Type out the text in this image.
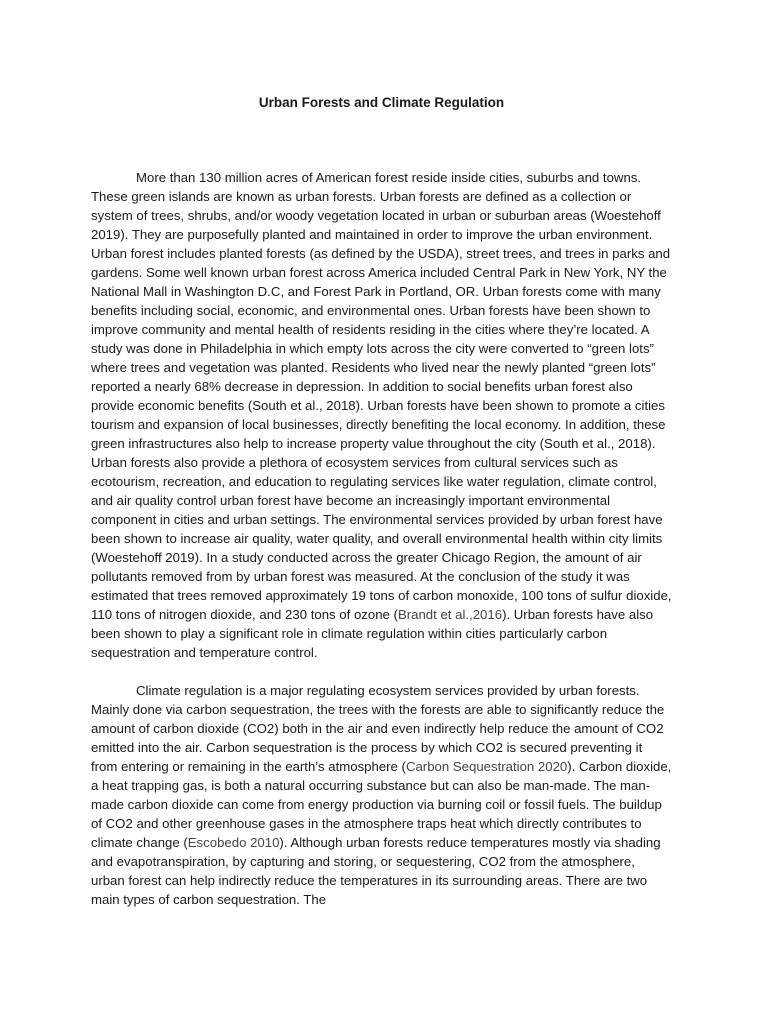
Urban Forests and Climate Regulation

More than 130 million acres of American forest reside inside cities, suburbs and towns. These green islands are known as urban forests. Urban forests are defined as a collection or system of trees, shrubs, and/or woody vegetation located in urban or suburban areas (Woestehoff 2019). They are purposefully planted and maintained in order to improve the urban environment. Urban forest includes planted forests (as defined by the USDA), street trees, and trees in parks and gardens. Some well known urban forest across America included Central Park in New York, NY the National Mall in Washington D.C, and Forest Park in Portland, OR. Urban forests come with many benefits including social, economic, and environmental ones. Urban forests have been shown to improve community and mental health of residents residing in the cities where they’re located. A study was done in Philadelphia in which empty lots across the city were converted to “green lots” where trees and vegetation was planted. Residents who lived near the newly planted “green lots” reported a nearly 68% decrease in depression. In addition to social benefits urban forest also provide economic benefits (South et al., 2018). Urban forests have been shown to promote a cities tourism and expansion of local businesses, directly benefiting the local economy. In addition, these green infrastructures also help to increase property value throughout the city (South et al., 2018). Urban forests also provide a plethora of ecosystem services from cultural services such as ecotourism, recreation, and education to regulating services like water regulation, climate control, and air quality control urban forest have become an increasingly important environmental component in cities and urban settings. The environmental services provided by urban forest have been shown to increase air quality, water quality, and overall environmental health within city limits (Woestehoff 2019). In a study conducted across the greater Chicago Region, the amount of air pollutants removed from by urban forest was measured. At the conclusion of the study it was estimated that trees removed approximately 19 tons of carbon monoxide, 100 tons of sulfur dioxide, 110 tons of nitrogen dioxide, and 230 tons of ozone (Brandt et al.,2016). Urban forests have also been shown to play a significant role in climate regulation within cities particularly carbon sequestration and temperature control.

Climate regulation is a major regulating ecosystem services provided by urban forests. Mainly done via carbon sequestration, the trees with the forests are able to significantly reduce the amount of carbon dioxide (CO2) both in the air and even indirectly help reduce the amount of CO2 emitted into the air. Carbon sequestration is the process by which CO2 is secured preventing it from entering or remaining in the earth’s atmosphere (Carbon Sequestration 2020). Carbon dioxide, a heat trapping gas, is both a natural occurring substance but can also be man-made. The man-made carbon dioxide can come from energy production via burning coil or fossil fuels. The buildup of CO2 and other greenhouse gases in the atmosphere traps heat which directly contributes to climate change (Escobedo 2010). Although urban forests reduce temperatures mostly via shading and evapotranspiration, by capturing and storing, or sequestering, CO2 from the atmosphere, urban forest can help indirectly reduce the temperatures in its surrounding areas. There are two main types of carbon sequestration. The
